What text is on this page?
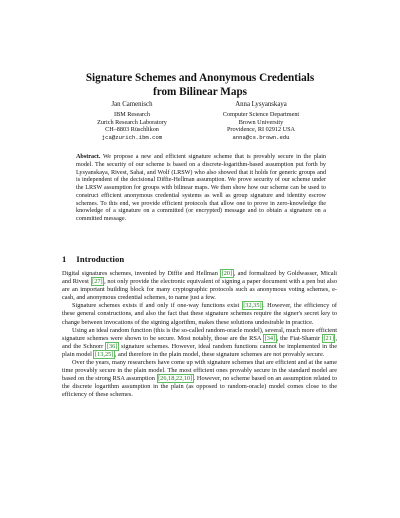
Signature Schemes and Anonymous Credentials
from Bilinear Maps
Jan Camenisch
IBM Research
Zurich Research Laboratory
CH–8803 Rüschlikon
jca@zurich.ibm.com
Anna Lysyanskaya
Computer Science Department
Brown University
Providence, RI 02912 USA
anna@cs.brown.edu
Abstract. We propose a new and efficient signature scheme that is provably secure in the plain model. The security of our scheme is based on a discrete-logarithm-based assumption put forth by Lysyanskaya, Rivest, Sahai, and Wolf (LRSW) who also showed that it holds for generic groups and is independent of the decisional Diffie-Hellman assumption. We prove security of our scheme under the LRSW assumption for groups with bilinear maps. We then show how our scheme can be used to construct efficient anonymous credential systems as well as group signature and identity escrow schemes. To this end, we provide efficient protocols that allow one to prove in zero-knowledge the knowledge of a signature on a committed (or encrypted) message and to obtain a signature on a committed message.
1 Introduction

Digital signatures schemes, invented by Diffie and Hellman [20] , and formalized by Goldwasser, Micali and Rivest [27] , not only provide the electronic equivalent of signing a paper document with a pen but also are an important building block for many cryptographic protocols such as anonymous voting schemes, e-cash, and anonymous credential schemes, to name just a few.

Signature schemes exists if and only if one-way functions exist [32,35] . However, the efficiency of these general constructions, and also the fact that these signature schemes require the signer's secret key to change between invocations of the signing algorithm, makes these solutions undesirable in practice.

Using an ideal random function (this is the so-called random-oracle model), several, much more efficient signature schemes were shown to be secure. Most notably, those are the RSA [34] , the Fiat-Shamir [21] , and the Schnorr [36] signature schemes. However, ideal random functions cannot be implemented in the plain model [13,25] , and therefore in the plain model, these signature schemes are not provably secure.

Over the years, many researchers have come up with signature schemes that are efficient and at the same time provably secure in the plain model. The most efficient ones provably secure in the standard model are based on the strong RSA assumption [26,18,22,10] . However, no scheme based on an assumption related to the discrete logarithm assumption in the plain (as opposed to random-oracle) model comes close to the efficiency of these schemes.
